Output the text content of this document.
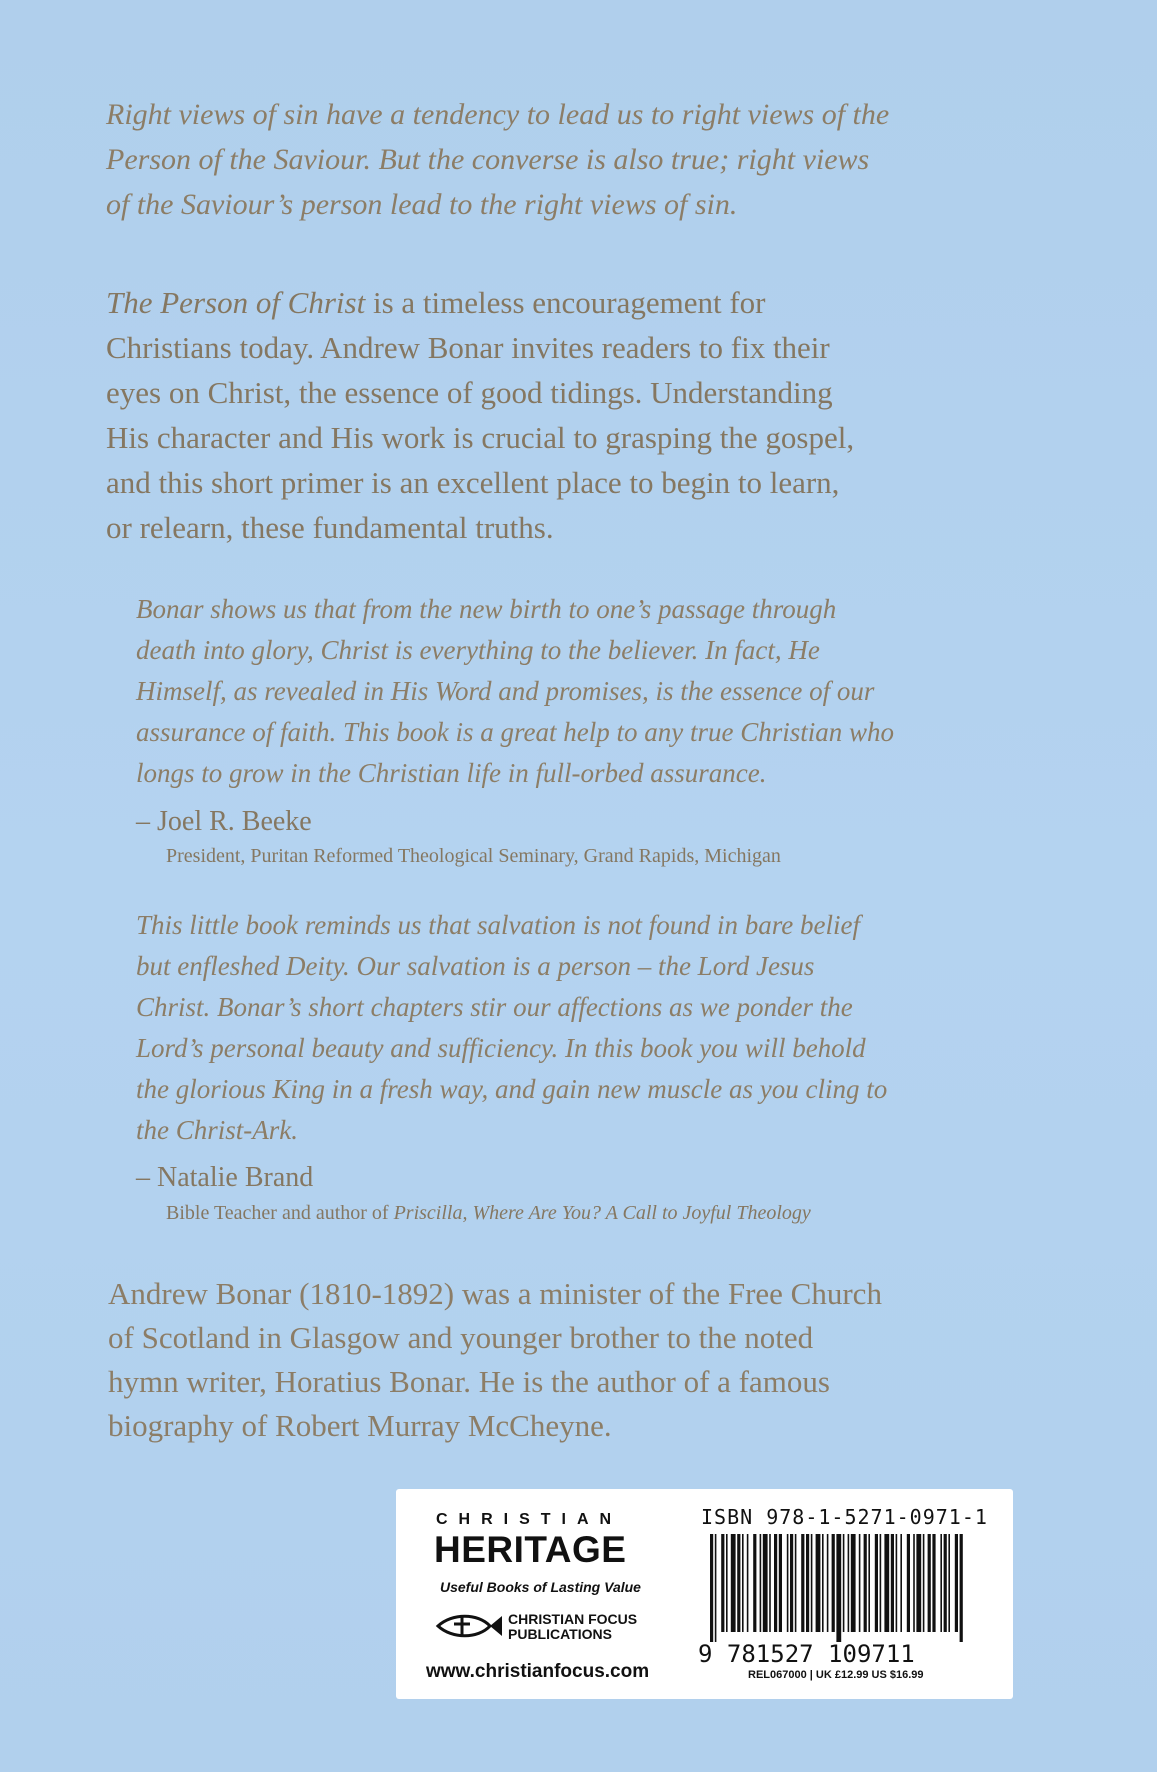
Right views of sin have a tendency to lead us to right views of the
Person of the Saviour. But the converse is also true; right views
of the Saviour’s person lead to the right views of sin.
The Person of Christ is a timeless encouragement for
Christians today. Andrew Bonar invites readers to fix their
eyes on Christ, the essence of good tidings. Understanding
His character and His work is crucial to grasping the gospel,
and this short primer is an excellent place to begin to learn,
or relearn, these fundamental truths.
Bonar shows us that from the new birth to one’s passage through
death into glory, Christ is everything to the believer. In fact, He
Himself, as revealed in His Word and promises, is the essence of our
assurance of faith. This book is a great help to any true Christian who
longs to grow in the Christian life in full-orbed assurance.
– Joel R. Beeke
President, Puritan Reformed Theological Seminary, Grand Rapids, Michigan
This little book reminds us that salvation is not found in bare belief
but enfleshed Deity. Our salvation is a person – the Lord Jesus
Christ. Bonar’s short chapters stir our affections as we ponder the
Lord’s personal beauty and sufficiency. In this book you will behold
the glorious King in a fresh way, and gain new muscle as you cling to
the Christ-Ark.
– Natalie Brand
Bible Teacher and author of Priscilla, Where Are You? A Call to Joyful Theology
Andrew Bonar (1810-1892) was a minister of the Free Church
of Scotland in Glasgow and younger brother to the noted
hymn writer, Horatius Bonar. He is the author of a famous
biography of Robert Murray McCheyne.
CHRISTIAN
HERITAGE
Useful Books of Lasting Value
CHRISTIAN FOCUS
PUBLICATIONS
www.christianfocus.com
ISBN 978-1-5271-0971-1
9 781527 109711
REL067000 | UK £12.99 US $16.99
